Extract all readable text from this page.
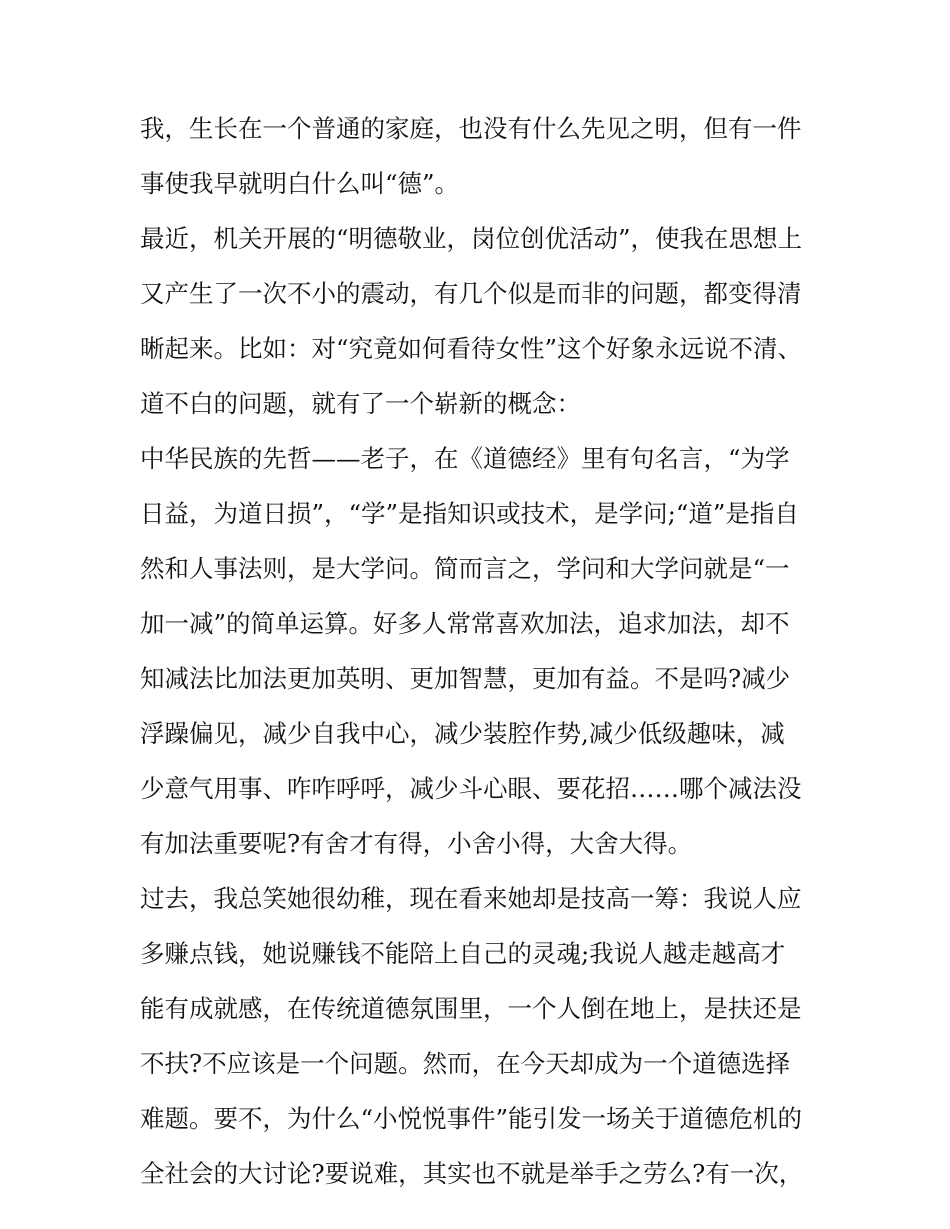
我，生长在一个普通的家庭，也没有什么先见之明，但有一件
事使我早就明白什么叫“德”。

最近，机关开展的“明德敬业，岗位创优活动”，使我在思想上
又产生了一次不小的震动，有几个似是而非的问题，都变得清
晰起来。比如：对“究竟如何看待女性”这个好象永远说不清、
道不白的问题，就有了一个崭新的概念：

中华民族的先哲——老子，在《道德经》里有句名言，“为学
日益，为道日损”，“学”是指知识或技术，是学问;“道”是指自
然和人事法则，是大学问。简而言之，学问和大学问就是“一
加一减”的简单运算。好多人常常喜欢加法，追求加法，却不
知减法比加法更加英明、更加智慧，更加有益。不是吗?减少
浮躁偏见，减少自我中心，减少装腔作势,减少低级趣味，减
少意气用事、咋咋呼呼，减少斗心眼、要花招……哪个减法没
有加法重要呢?有舍才有得，小舍小得，大舍大得。

过去，我总笑她很幼稚，现在看来她却是技高一筹：我说人应
多赚点钱，她说赚钱不能陪上自己的灵魂;我说人越走越高才
能有成就感，在传统道德氛围里，一个人倒在地上，是扶还是
不扶?不应该是一个问题。然而，在今天却成为一个道德选择
难题。要不，为什么“小悦悦事件”能引发一场关于道德危机的
全社会的大讨论?要说难，其实也不就是举手之劳么?有一次，
